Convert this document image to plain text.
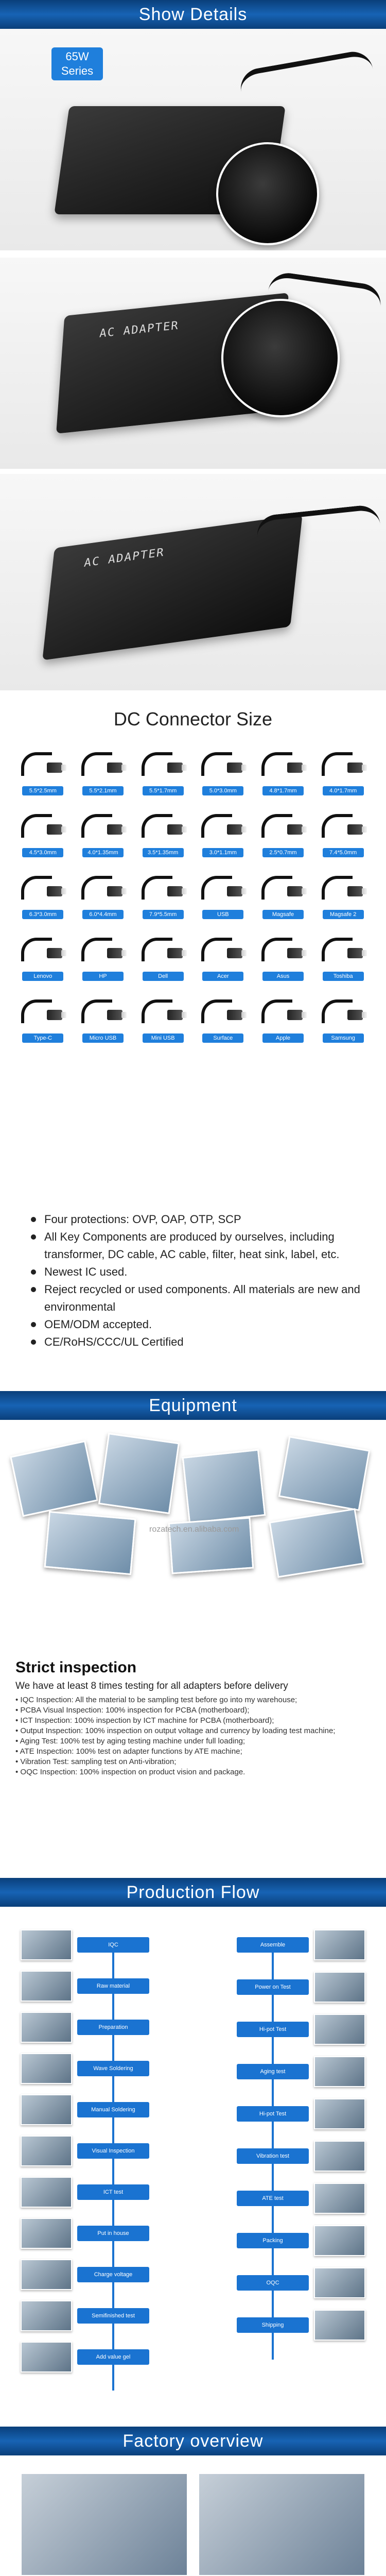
Show Details
65W
Series
AC ADAPTER
AC ADAPTER
DC Connector Size
5.5*2.5mm	5.5*2.1mm	5.5*1.7mm	5.0*3.0mm	4.8*1.7mm	4.0*1.7mm
4.5*3.0mm	4.0*1.35mm	3.5*1.35mm	3.0*1.1mm	2.5*0.7mm	7.4*5.0mm
6.3*3.0mm	6.0*4.4mm	7.9*5.5mm	USB	Magsafe	Magsafe 2
Lenovo	HP	Dell	Acer	Asus	Toshiba
Type-C	Micro USB	Mini USB	Surface	Apple	Samsung
Four protections: OVP, OAP, OTP, SCP
All Key Components are produced by ourselves, including transformer, DC cable, AC cable, filter, heat sink, label, etc.
Newest IC used.
Reject recycled or used components. All materials are new and environmental
OEM/ODM accepted.
CE/RoHS/CCC/UL Certified
Equipment
rozatech.en.alibaba.com
Strict inspection
We have at least 8 times testing for all adapters before delivery
• IQC Inspection: All the material to be sampling test before go into my warehouse;
• PCBA Visual Inspection: 100% inspection for PCBA (motherboard);
• ICT Inspection: 100% inspection by ICT machine for PCBA (motherboard);
• Output Inspection: 100% inspection on output voltage and currency by loading test machine;
• Aging Test: 100% test by aging testing machine under full loading;
• ATE Inspection: 100% test on adapter functions by ATE machine;
• Vibration Test: sampling test on Anti-vibration;
• OQC Inspection: 100% inspection on product vision and package.
Production Flow
IQC
Raw material
Preparation
Wave Soldering
Manual Soldering
Visual Inspection
ICT test
Put in house
Charge voltage
Semifinished test
Add value gel
Assemble
Power on Test
Hi-pot Test
Aging test
Hi-pot Test
Vibration test
ATE test
Packing
OQC
Shipping
Factory overview
